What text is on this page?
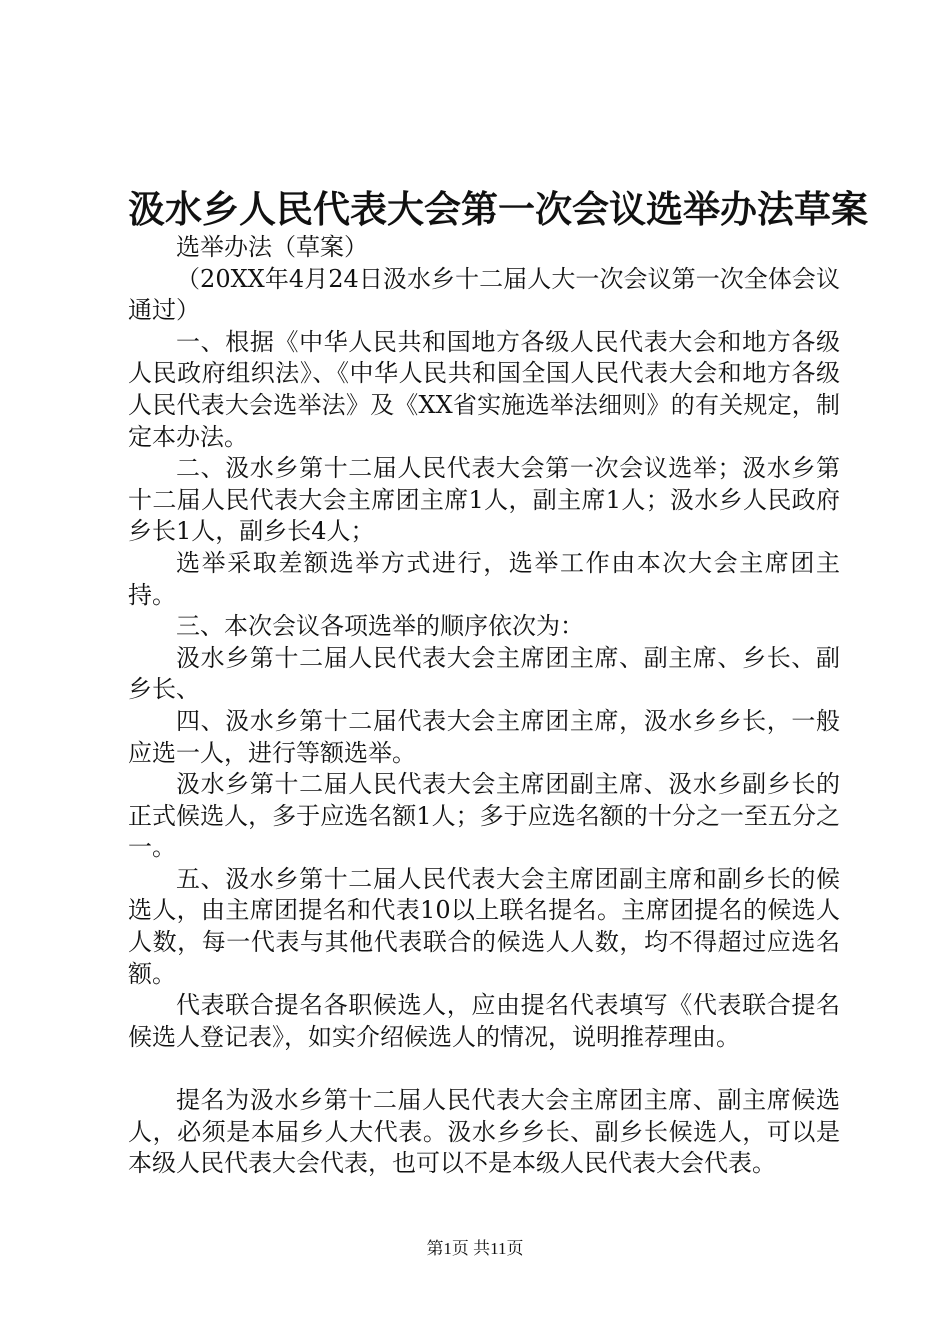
汲水乡人民代表大会第一次会议选举办法草案

选举办法（草案）

（20XX年4月24日汲水乡十二届人大一次会议第一次全体会议通过）

一、根据《中华人民共和国地方各级人民代表大会和地方各级人民政府组织法》、《中华人民共和国全国人民代表大会和地方各级人民代表大会选举法》及《XX省实施选举法细则》的有关规定，制定本办法。

二、汲水乡第十二届人民代表大会第一次会议选举；汲水乡第十二届人民代表大会主席团主席1人，副主席1人；汲水乡人民政府乡长1人，副乡长4人；

选举采取差额选举方式进行，选举工作由本次大会主席团主持。

三、本次会议各项选举的顺序依次为：

汲水乡第十二届人民代表大会主席团主席、副主席、乡长、副乡长、

四、汲水乡第十二届代表大会主席团主席，汲水乡乡长，一般应选一人，进行等额选举。

汲水乡第十二届人民代表大会主席团副主席、汲水乡副乡长的正式候选人，多于应选名额1人；多于应选名额的十分之一至五分之一。

五、汲水乡第十二届人民代表大会主席团副主席和副乡长的候选人，由主席团提名和代表10以上联名提名。主席团提名的候选人人数，每一代表与其他代表联合的候选人人数，均不得超过应选名额。

代表联合提名各职候选人，应由提名代表填写《代表联合提名候选人登记表》，如实介绍候选人的情况，说明推荐理由。

提名为汲水乡第十二届人民代表大会主席团主席、副主席候选人，必须是本届乡人大代表。汲水乡乡长、副乡长候选人，可以是本级人民代表大会代表，也可以不是本级人民代表大会代表。

第1页 共11页
